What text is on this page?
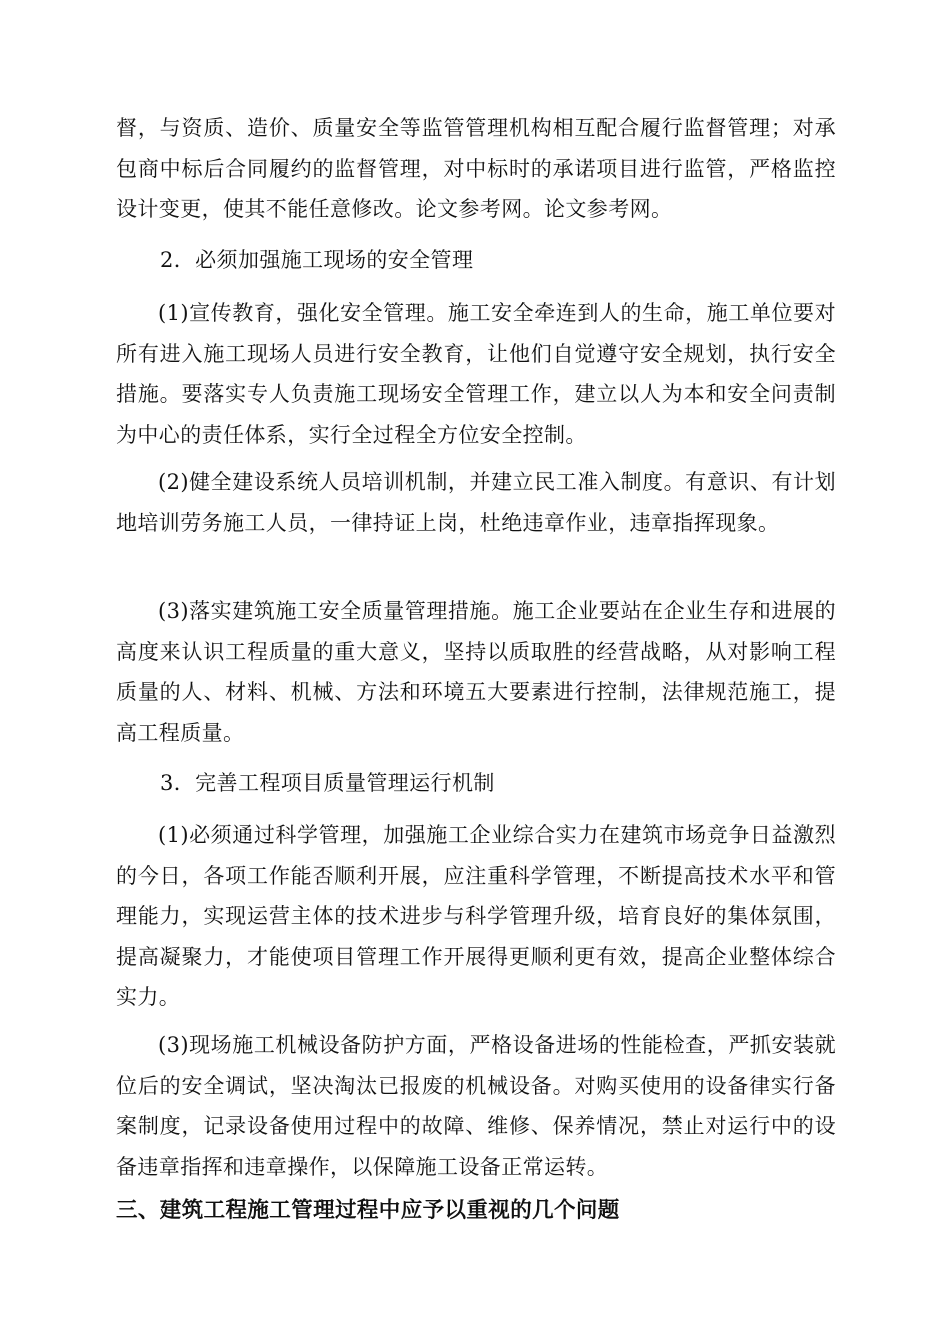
督，与资质、造价、质量安全等监管管理机构相互配合履行监督管理；对承包商中标后合同履约的监督管理，对中标时的承诺项目进行监管，严格监控设计变更，使其不能任意修改。论文参考网。论文参考网。

2．必须加强施工现场的安全管理

(1)宣传教育，强化安全管理。施工安全牵连到人的生命，施工单位要对所有进入施工现场人员进行安全教育，让他们自觉遵守安全规划，执行安全措施。要落实专人负责施工现场安全管理工作，建立以人为本和安全问责制为中心的责任体系，实行全过程全方位安全控制。

(2)健全建设系统人员培训机制，并建立民工准入制度。有意识、有计划地培训劳务施工人员，一律持证上岗，杜绝违章作业，违章指挥现象。

(3)落实建筑施工安全质量管理措施。施工企业要站在企业生存和进展的高度来认识工程质量的重大意义，坚持以质取胜的经营战略，从对影响工程质量的人、材料、机械、方法和环境五大要素进行控制，法律规范施工，提高工程质量。

3．完善工程项目质量管理运行机制

(1)必须通过科学管理，加强施工企业综合实力在建筑市场竞争日益激烈的今日，各项工作能否顺利开展，应注重科学管理，不断提高技术水平和管理能力，实现运营主体的技术进步与科学管理升级，培育良好的集体氛围，提高凝聚力，才能使项目管理工作开展得更顺利更有效，提高企业整体综合实力。

(3)现场施工机械设备防护方面，严格设备进场的性能检查，严抓安装就位后的安全调试，坚决淘汰已报废的机械设备。对购买使用的设备律实行备案制度，记录设备使用过程中的故障、维修、保养情况，禁止对运行中的设备违章指挥和违章操作，以保障施工设备正常运转。

三、建筑工程施工管理过程中应予以重视的几个问题
